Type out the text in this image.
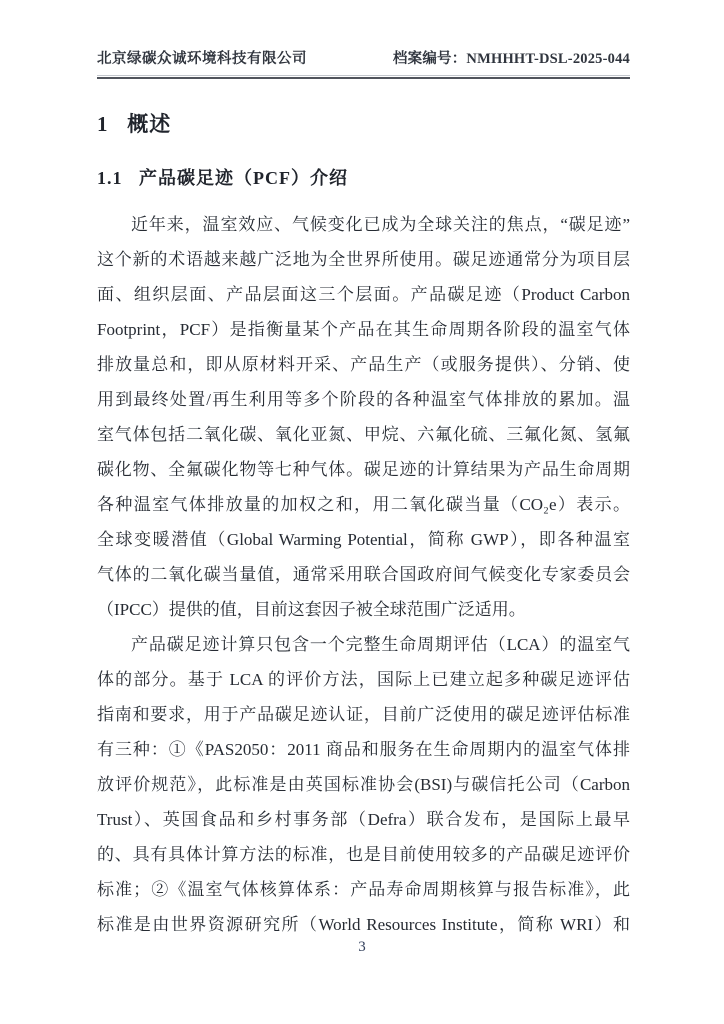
北京绿碳众诚环境科技有限公司	档案编号：NMHHHT-DSL-2025-044
1   概述
1.1   产品碳足迹（PCF）介绍
近年来，温室效应、气候变化已成为全球关注的焦点，“碳足迹”
这个新的术语越来越广泛地为全世界所使用。碳足迹通常分为项目层
面、组织层面、产品层面这三个层面。产品碳足迹（Product Carbon
Footprint，PCF）是指衡量某个产品在其生命周期各阶段的温室气体
排放量总和，即从原材料开采、产品生产（或服务提供）、分销、使
用到最终处置/再生利用等多个阶段的各种温室气体排放的累加。温
室气体包括二氧化碳、氧化亚氮、甲烷、六氟化硫、三氟化氮、氢氟
碳化物、全氟碳化物等七种气体。碳足迹的计算结果为产品生命周期
各种温室气体排放量的加权之和，用二氧化碳当量（CO₂e）表示。
全球变暖潜值（Global Warming Potential，简称 GWP），即各种温室
气体的二氧化碳当量值，通常采用联合国政府间气候变化专家委员会
（IPCC）提供的值，目前这套因子被全球范围广泛适用。
产品碳足迹计算只包含一个完整生命周期评估（LCA）的温室气
体的部分。基于 LCA 的评价方法，国际上已建立起多种碳足迹评估
指南和要求，用于产品碳足迹认证，目前广泛使用的碳足迹评估标准
有三种：①《PAS2050：2011 商品和服务在生命周期内的温室气体排
放评价规范》，此标准是由英国标准协会(BSI)与碳信托公司（Carbon
Trust）、英国食品和乡村事务部（Defra）联合发布，是国际上最早
的、具有具体计算方法的标准，也是目前使用较多的产品碳足迹评价
标准；②《温室气体核算体系：产品寿命周期核算与报告标准》，此
标准是由世界资源研究所（World Resources Institute，简称 WRI）和
3
